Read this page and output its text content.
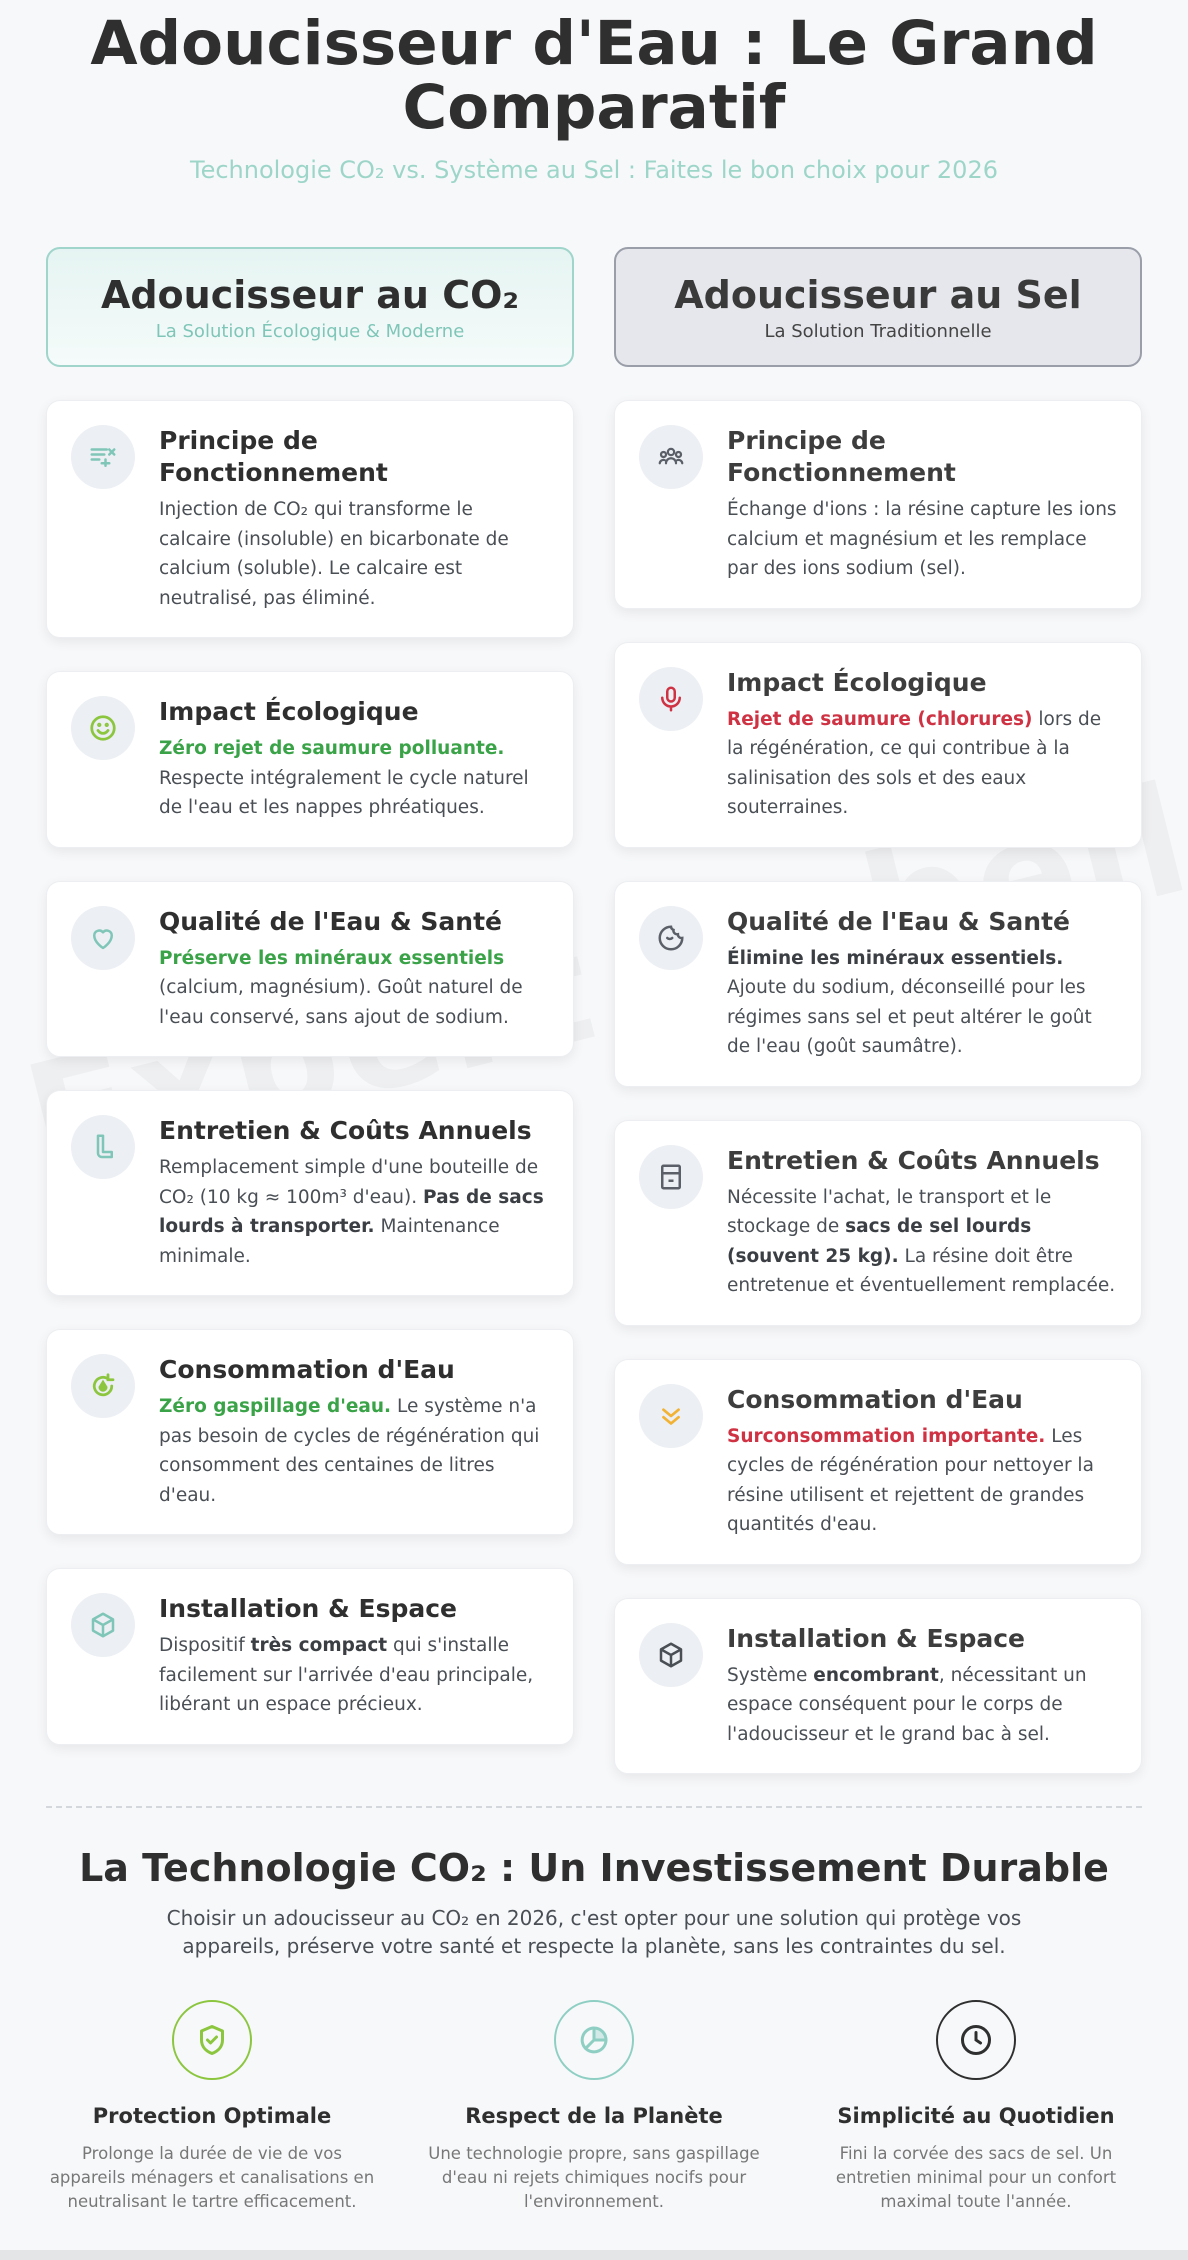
Adoucisseur d'Eau : Le Grand Comparatif

Technologie CO₂ vs. Système au Sel : Faites le bon choix pour 2026

Adoucisseur au CO₂

La Solution Écologique & Moderne

Principe de Fonctionnement

Injection de CO₂ qui transforme le calcaire (insoluble) en bicarbonate de calcium (soluble). Le calcaire est neutralisé, pas éliminé.

Impact Écologique

Zéro rejet de saumure polluante.
Respecte intégralement le cycle naturel de l'eau et les nappes phréatiques.

Qualité de l'Eau & Santé

Préserve les minéraux essentiels (calcium, magnésium). Goût naturel de l'eau conservé, sans ajout de sodium.

Entretien & Coûts Annuels

Remplacement simple d'une bouteille de CO₂ (10 kg ≈ 100m³ d'eau). Pas de sacs lourds à transporter. Maintenance minimale.

Consommation d'Eau

Zéro gaspillage d'eau. Le système n'a pas besoin de cycles de régénération qui consomment des centaines de litres d'eau.

Installation & Espace

Dispositif très compact qui s'installe facilement sur l'arrivée d'eau principale, libérant un espace précieux.

Adoucisseur au Sel

La Solution Traditionnelle

Principe de Fonctionnement

Échange d'ions : la résine capture les ions calcium et magnésium et les remplace par des ions sodium (sel).

Impact Écologique

Rejet de saumure (chlorures) lors de la régénération, ce qui contribue à la salinisation des sols et des eaux souterraines.

Qualité de l'Eau & Santé

Élimine les minéraux essentiels. Ajoute du sodium, déconseillé pour les régimes sans sel et peut altérer le goût de l'eau (goût saumâtre).

Entretien & Coûts Annuels

Nécessite l'achat, le transport et le stockage de sacs de sel lourds (souvent 25 kg). La résine doit être entretenue et éventuellement remplacée.

Consommation d'Eau

Surconsommation importante. Les cycles de régénération pour nettoyer la résine utilisent et rejettent de grandes quantités d'eau.

Installation & Espace

Système encombrant, nécessitant un espace conséquent pour le corps de l'adoucisseur et le grand bac à sel.

La Technologie CO₂ : Un Investissement Durable

Choisir un adoucisseur au CO₂ en 2026, c'est opter pour une solution qui protège vos appareils, préserve votre santé et respecte la planète, sans les contraintes du sel.

Protection Optimale

Prolonge la durée de vie de vos appareils ménagers et canalisations en neutralisant le tartre efficacement.

Respect de la Planète

Une technologie propre, sans gaspillage d'eau ni rejets chimiques nocifs pour l'environnement.

Simplicité au Quotidien

Fini la corvée des sacs de sel. Un entretien minimal pour un confort maximal toute l'année.
